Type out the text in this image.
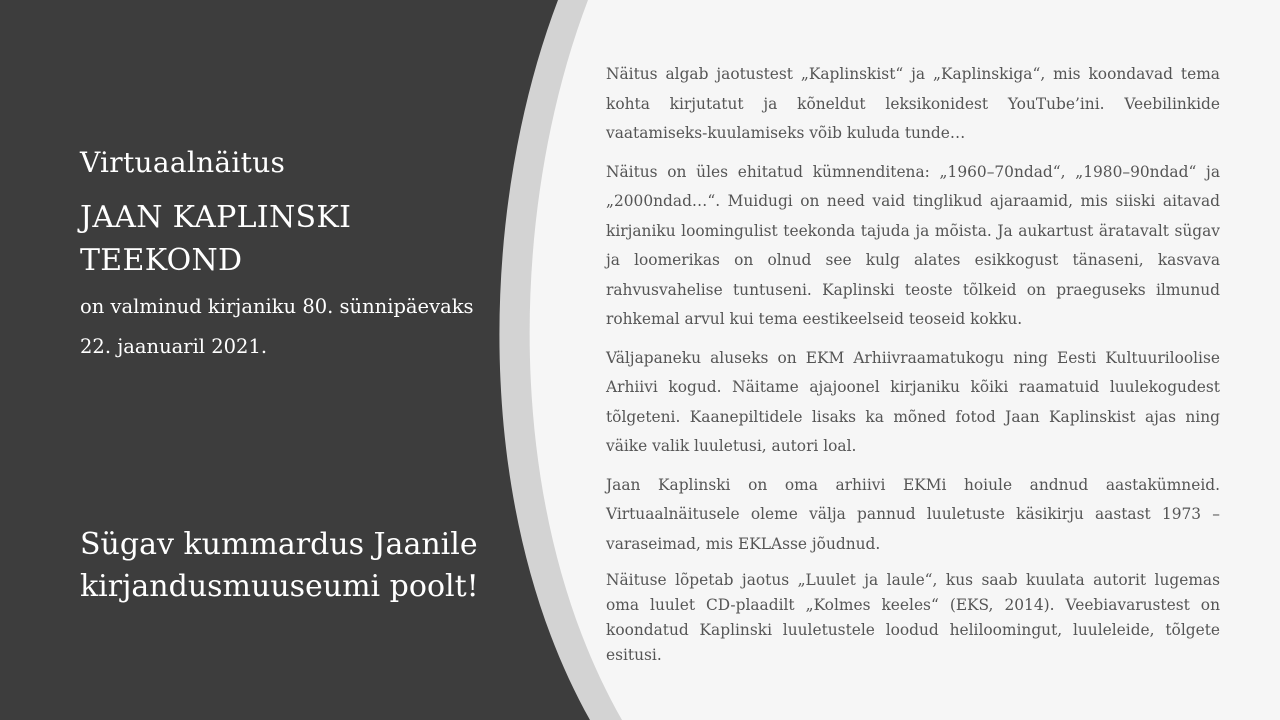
Virtuaalnäitus
JAAN KAPLINSKI TEEKOND
on valminud kirjaniku 80. sünnipäevaks
22. jaanuaril 2021.
Sügav kummardus Jaanile
kirjandusmuuseumi poolt!

Näitus algab jaotustest „Kaplinskist“ ja „Kaplinskiga“, mis koondavad tema kohta kirjutatut ja kõneldut leksikonidest YouTube’ini. Veebilinkide vaatamiseks-kuulamiseks võib kuluda tunde…

Näitus on üles ehitatud kümnenditena: „1960–70ndad“, „1980–90ndad“ ja „2000ndad…“. Muidugi on need vaid tinglikud ajaraamid, mis siiski aitavad kirjaniku loomingulist teekonda tajuda ja mõista. Ja aukartust äratavalt sügav ja loomerikas on olnud see kulg alates esikkogust tänaseni, kasvava rahvusvahelise tuntuseni. Kaplinski teoste tõlkeid on praeguseks ilmunud rohkemal arvul kui tema eestikeelseid teoseid kokku.

Väljapaneku aluseks on EKM Arhiivraamatukogu ning Eesti Kultuuriloolise Arhiivi kogud. Näitame ajajoonel kirjaniku kõiki raamatuid luulekogudest tõlgeteni. Kaanepiltidele lisaks ka mõned fotod Jaan Kaplinskist ajas ning väike valik luuletusi, autori loal.

Jaan Kaplinski on oma arhiivi EKMi hoiule andnud aastakümneid. Virtuaalnäitusele oleme välja pannud luuletuste käsikirju aastast 1973 – varaseimad, mis EKLAsse jõudnud.

Näituse lõpetab jaotus „Luulet ja laule“, kus saab kuulata autorit lugemas oma luulet CD-plaadilt „Kolmes keeles“ (EKS, 2014). Veebiavarustest on koondatud Kaplinski luuletustele loodud heliloomingut, luuleleide, tõlgete esitusi.
